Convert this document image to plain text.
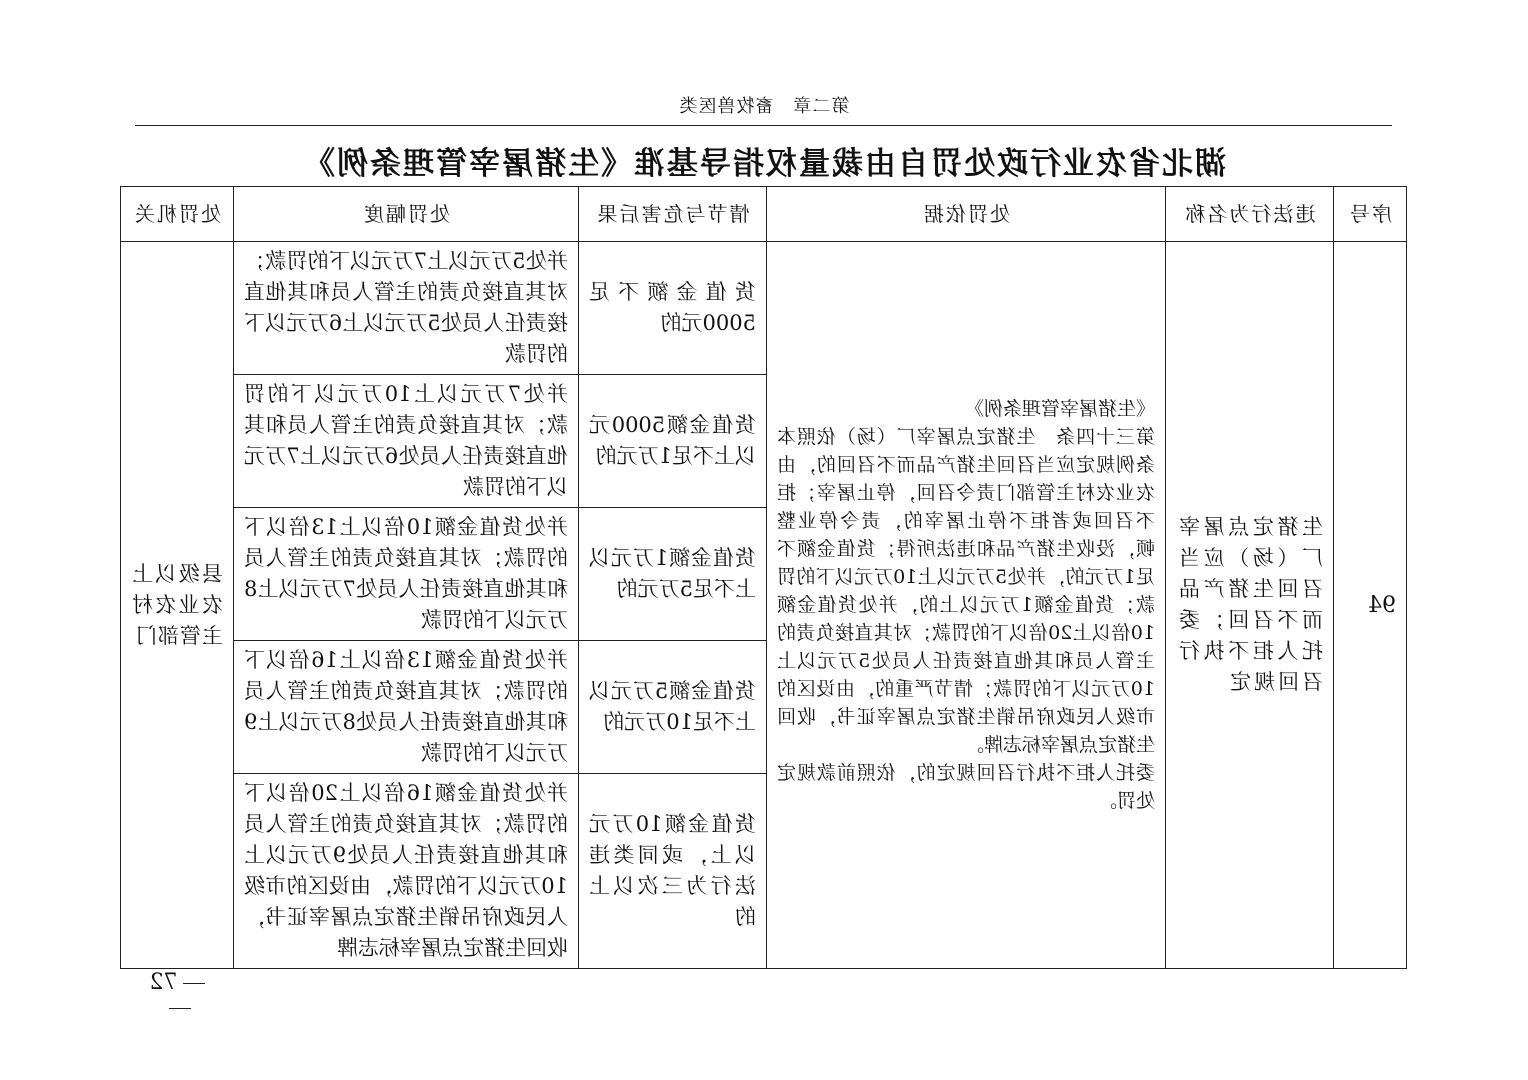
第二章　畜牧兽医类
湖北省农业行政处罚自由裁量权指导基准《生猪屠宰管理条例》
序号	违法行为名称	处罚依据	情节与危害后果	处罚幅度	处罚机关
94	生猪定点屠宰厂（场）应当召回生猪产品而不召回；委托人拒不执行召回规定	《生猪屠宰管理条例》
第三十四条　生猪定点屠宰厂（场）依照本条例规定应当召回生猪产品而不召回的，由农业农村主管部门责令召回，停止屠宰；拒不召回或者拒不停止屠宰的，责令停业整顿，没收生猪产品和违法所得；货值金额不足1万元的，并处5万元以上10万元以下的罚款；货值金额1万元以上的，并处货值金额10倍以上20倍以下的罚款；对其直接负责的主管人员和其他直接责任人员处5万元以上10万元以下的罚款；情节严重的，由设区的市级人民政府吊销生猪定点屠宰证书，收回生猪定点屠宰标志牌。
委托人拒不执行召回规定的，依照前款规定处罚。	货值金额不足5000元的	并处5万元以上7万元以下的罚款；对其直接负责的主管人员和其他直接责任人员处5万元以上6万元以下的罚款	县级以上农业农村主管部门
			货值金额5000元以上不足1万元的	并处7万元以上10万元以下的罚款；对其直接负责的主管人员和其他直接责任人员处6万元以上7万元以下的罚款	
			货值金额1万元以上不足5万元的	并处货值金额10倍以上13倍以下的罚款；对其直接负责的主管人员和其他直接责任人员处7万元以上8万元以下的罚款	
			货值金额5万元以上不足10万元的	并处货值金额13倍以上16倍以下的罚款；对其直接负责的主管人员和其他直接责任人员处8万元以上9万元以下的罚款	
			货值金额10万元以上，或同类违法行为三次以上的	并处货值金额16倍以上20倍以下的罚款；对其直接负责的主管人员和其他直接责任人员处9万元以上10万元以下的罚款，由设区的市级人民政府吊销生猪定点屠宰证书，收回生猪定点屠宰标志牌	
72
